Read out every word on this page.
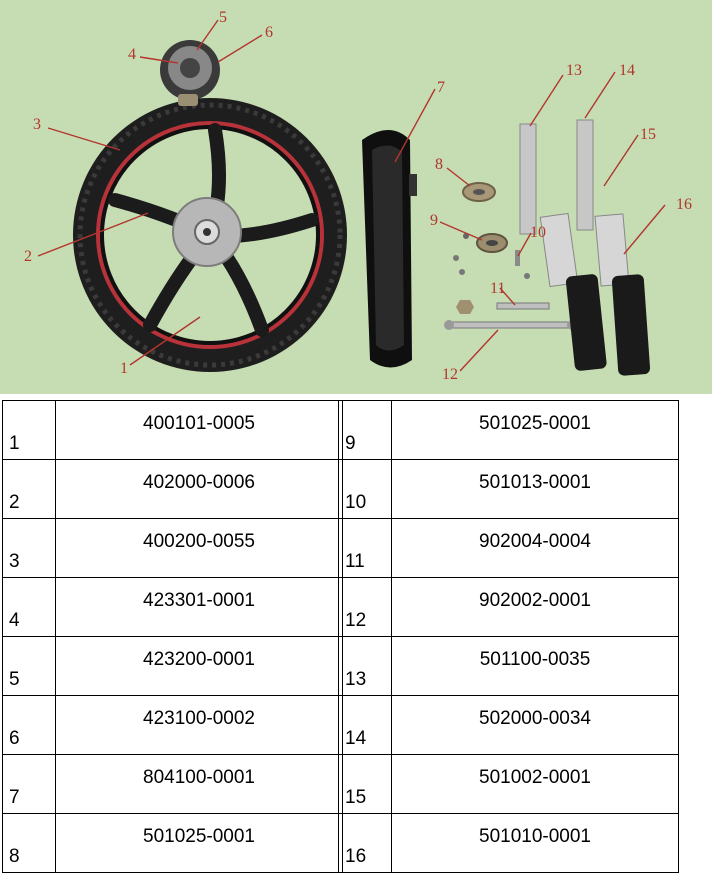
1
2
3
4
5
6
7
8
9
10
11
12
13 14
15
16
1	400101-0005
2	402000-0006
3	400200-0055
4	423301-0001
5	423200-0001
6	423100-0002
7	804100-0001
8	501025-0001
9	501025-0001
10	501013-0001
11	902004-0004
12	902002-0001
13	501100-0035
14	502000-0034
15	501002-0001
16	501010-0001
